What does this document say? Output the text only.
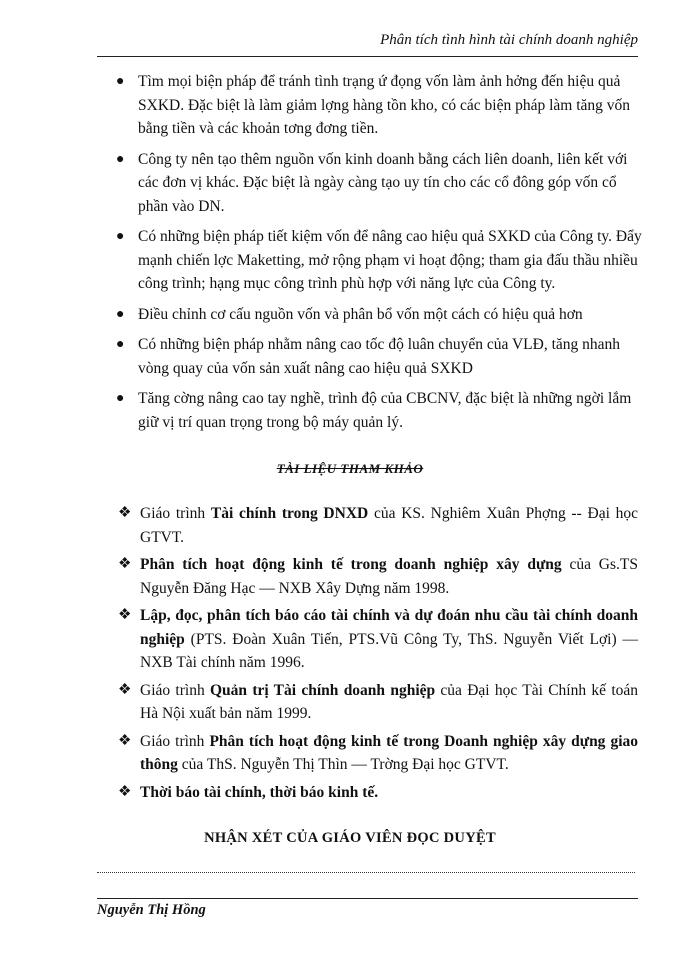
Phân tích tình hình tài chính doanh nghiệp
● Tìm mọi biện pháp để tránh tình trạng ứ đọng vốn làm ảnh hởng đến hiệu quả SXKD. Đặc biệt là làm giảm lợng hàng tồn kho, có các biện pháp làm tăng vốn bằng tiền và các khoản tơng đơng tiền.
● Công ty nên tạo thêm nguồn vốn kinh doanh bằng cách liên doanh, liên kết với các đơn vị khác. Đặc biệt là ngày càng tạo uy tín cho các cổ đông góp vốn cổ phần vào DN.
● Có những biện pháp tiết kiệm vốn để nâng cao hiệu quả SXKD của Công ty. Đẩy mạnh chiến lợc Maketting, mở rộng phạm vi hoạt động; tham gia đấu thầu nhiều công trình; hạng mục công trình phù hợp với năng lực của Công ty.
● Điều chỉnh cơ cấu nguồn vốn và phân bổ vốn một cách có hiệu quả hơn
● Có những biện pháp nhằm nâng cao tốc độ luân chuyển của VLĐ, tăng nhanh vòng quay của vốn sản xuất nâng cao hiệu quả SXKD
● Tăng cờng nâng cao tay nghề, trình độ của CBCNV, đặc biệt là những ngời lắm giữ vị trí quan trọng trong bộ máy quản lý.
TÀI LIỆU THAM KHẢO
❖ Giáo trình Tài chính trong DNXD của KS. Nghiêm Xuân Phợng -- Đại học GTVT.
❖ Phân tích hoạt động kinh tế trong doanh nghiệp xây dựng của Gs.TS Nguyễn Đăng Hạc — NXB Xây Dựng năm 1998.
❖ Lập, đọc, phân tích báo cáo tài chính và dự đoán nhu cầu tài chính doanh nghiệp (PTS. Đoàn Xuân Tiến, PTS.Vũ Công Ty, ThS. Nguyễn Viết Lợi) — NXB Tài chính năm 1996.
❖ Giáo trình Quản trị Tài chính doanh nghiệp của Đại học Tài Chính kế toán Hà Nội xuất bản năm 1999.
❖ Giáo trình Phân tích hoạt động kinh tế trong Doanh nghiệp xây dựng giao thông của ThS. Nguyễn Thị Thìn — Trờng Đại học GTVT.
❖ Thời báo tài chính, thời báo kinh tế.
NHẬN XÉT CỦA GIÁO VIÊN ĐỌC DUYỆT
Nguyễn Thị Hồng
